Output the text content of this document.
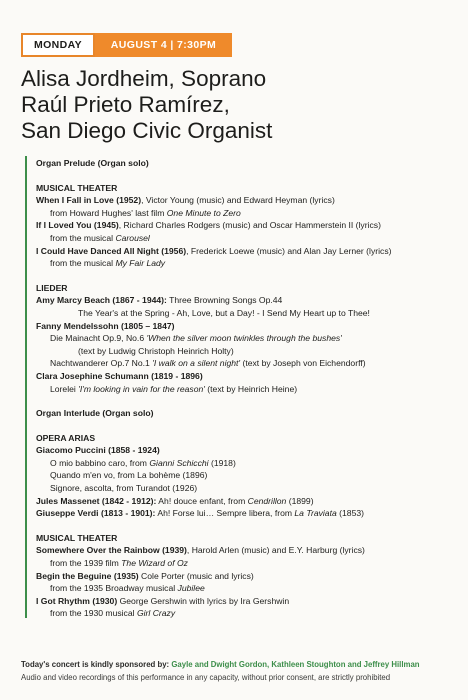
MONDAY	AUGUST 4 | 7:30PM
Alisa Jordheim, Soprano
Raúl Prieto Ramírez,
San Diego Civic Organist
Organ Prelude (Organ solo)
MUSICAL THEATER
When I Fall in Love (1952), Victor Young (music) and Edward Heyman (lyrics)
from Howard Hughes' last film One Minute to Zero
If I Loved You (1945), Richard Charles Rodgers (music) and Oscar Hammerstein II (lyrics)
from the musical Carousel
I Could Have Danced All Night (1956), Frederick Loewe (music) and Alan Jay Lerner (lyrics)
from the musical My Fair Lady
LIEDER
Amy Marcy Beach (1867 - 1944): Three Browning Songs Op.44
The Year's at the Spring - Ah, Love, but a Day! - I Send My Heart up to Thee!
Fanny Mendelssohn (1805 – 1847)
Die Mainacht Op.9, No.6 'When the silver moon twinkles through the bushes'
(text by Ludwig Christoph Heinrich Holty)
Nachtwanderer Op.7 No.1 'I walk on a silent night' (text by Joseph von Eichendorff)
Clara Josephine Schumann (1819 - 1896)
Lorelei 'I'm looking in vain for the reason' (text by Heinrich Heine)
Organ Interlude (Organ solo)
OPERA ARIAS
Giacomo Puccini (1858 - 1924)
O mio babbino caro, from Gianni Schicchi (1918)
Quando m'en vo, from La bohème (1896)
Signore, ascolta, from Turandot (1926)
Jules Massenet (1842 - 1912): Ah! douce enfant, from Cendrillon (1899)
Giuseppe Verdi (1813 - 1901): Ah! Forse lui… Sempre libera, from La Traviata (1853)
MUSICAL THEATER
Somewhere Over the Rainbow (1939), Harold Arlen (music) and E.Y. Harburg (lyrics)
from the 1939 film The Wizard of Oz
Begin the Beguine (1935) Cole Porter (music and lyrics)
from the 1935 Broadway musical Jubilee
I Got Rhythm (1930) George Gershwin with lyrics by Ira Gershwin
from the 1930 musical Girl Crazy
Today's concert is kindly sponsored by: Gayle and Dwight Gordon, Kathleen Stoughton and Jeffrey Hillman
Audio and video recordings of this performance in any capacity, without prior consent, are strictly prohibited
